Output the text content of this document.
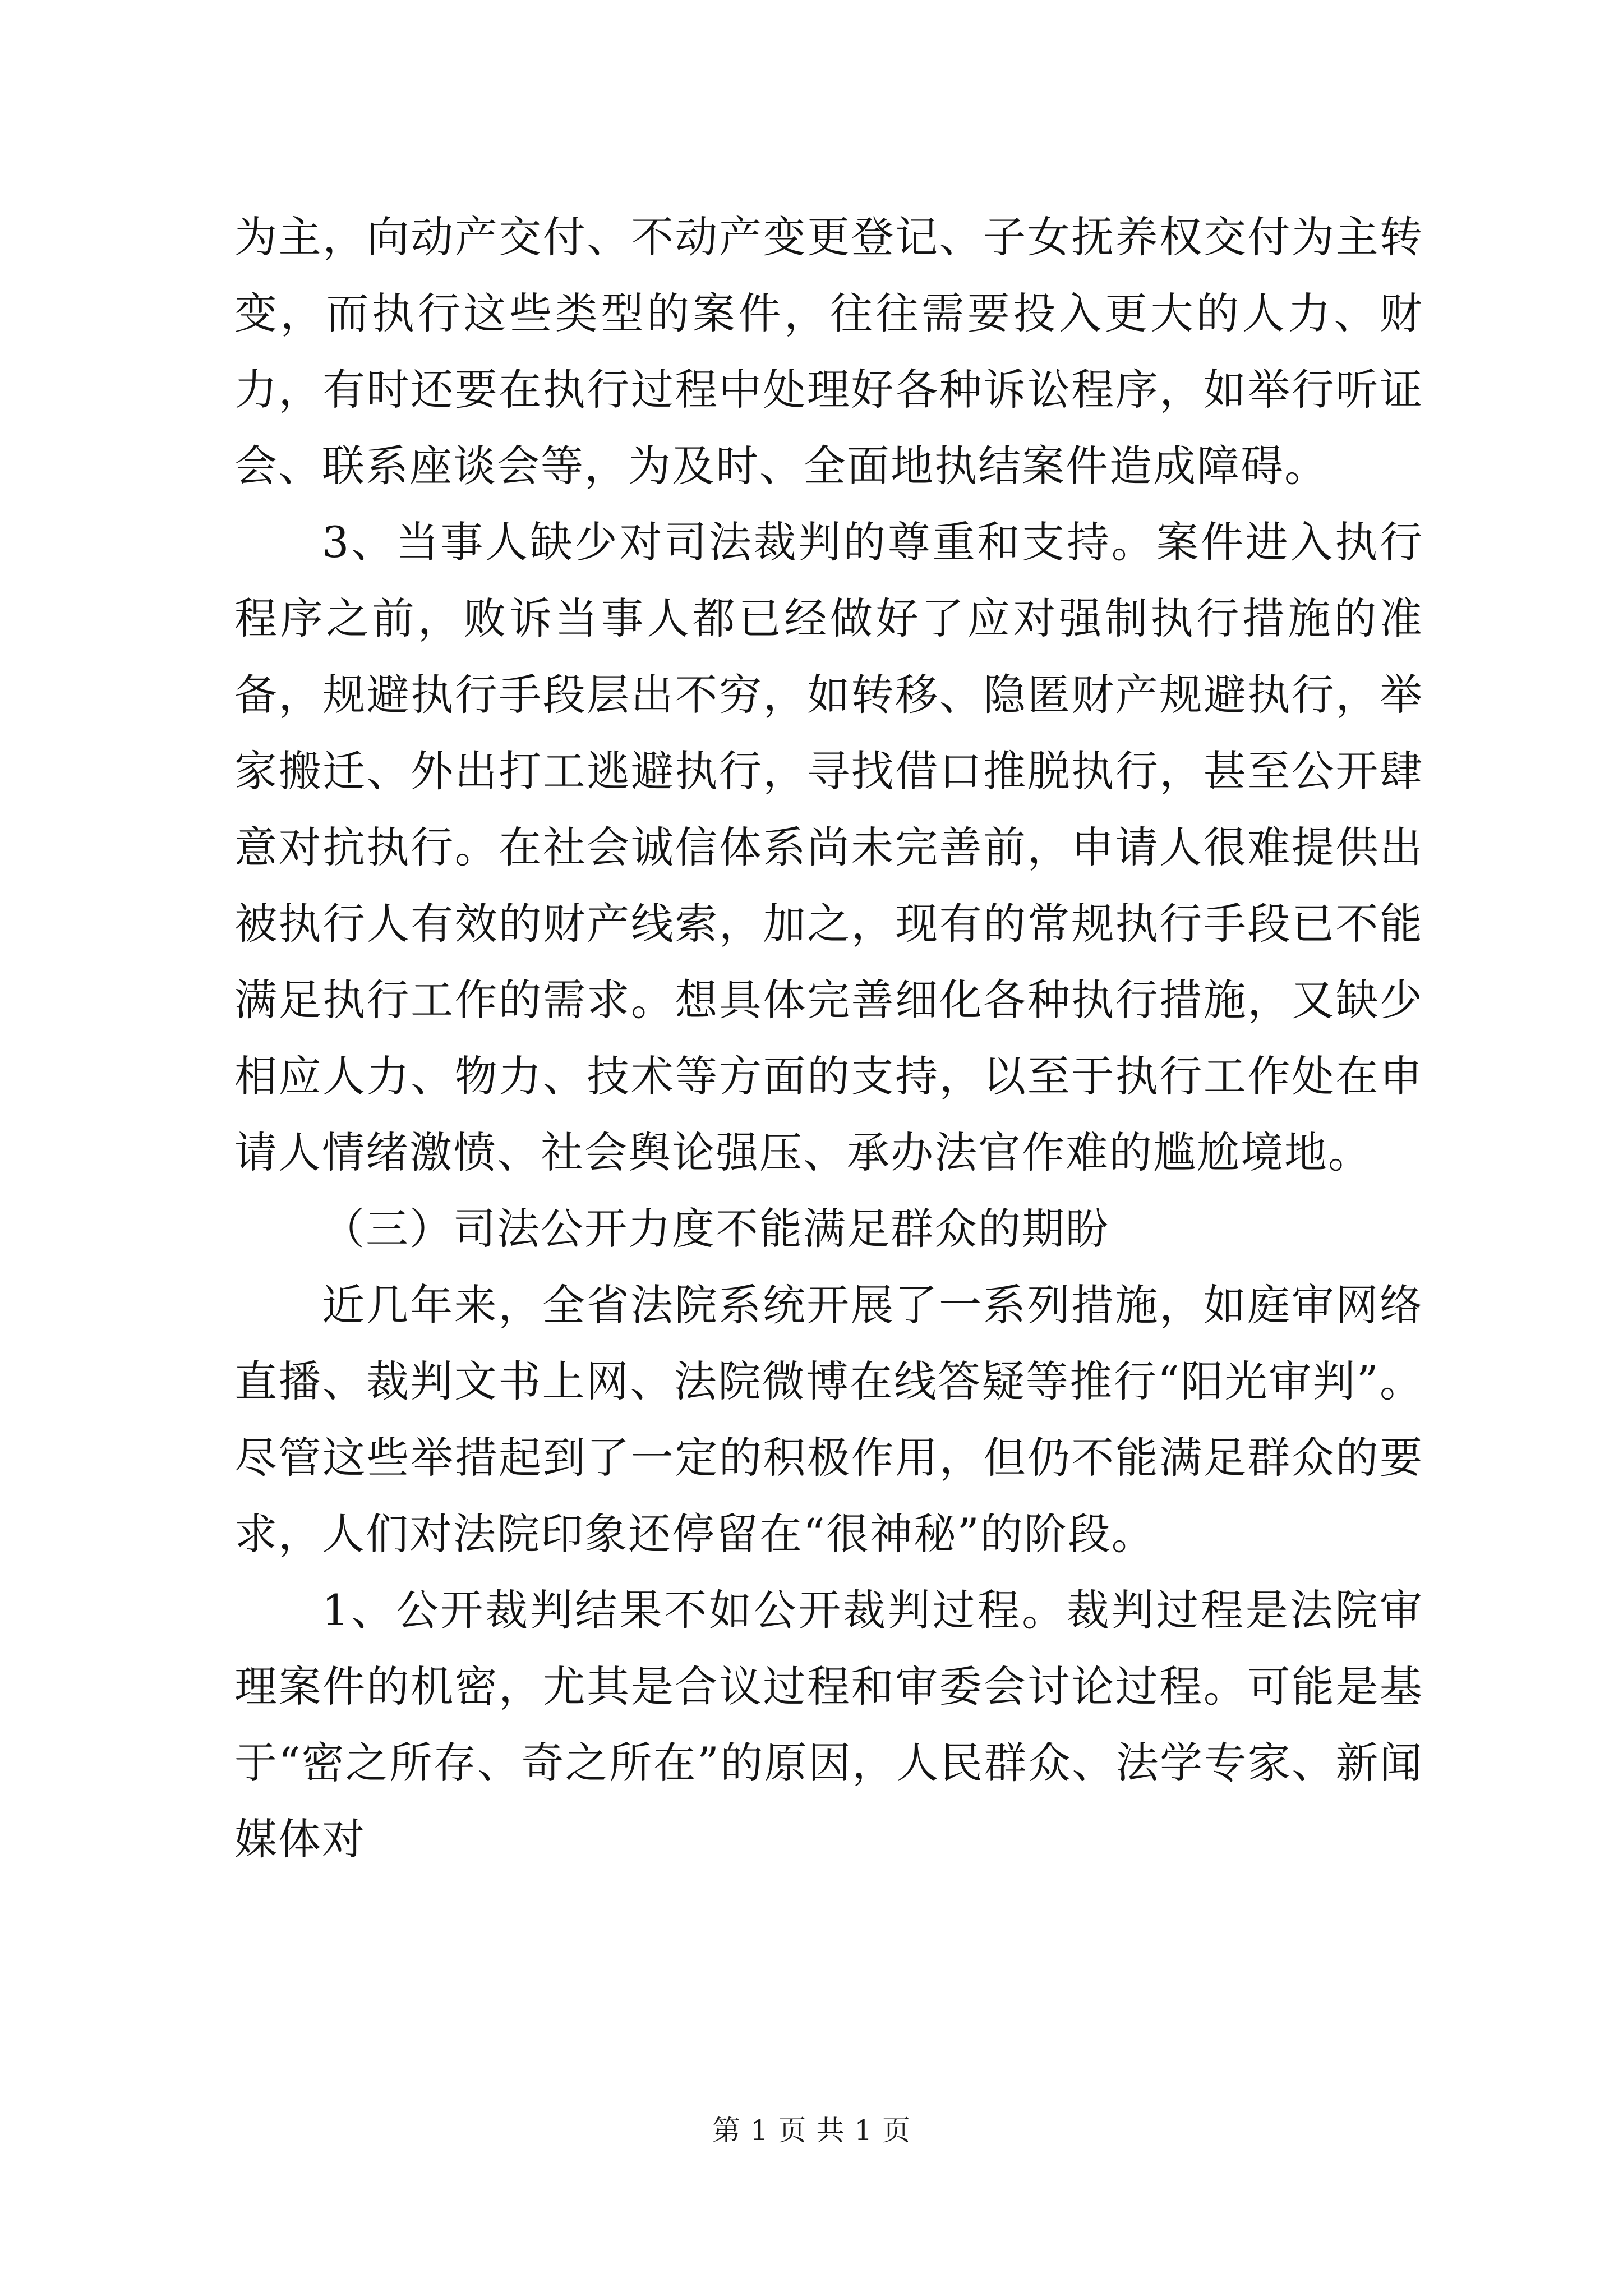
为主，向动产交付、不动产变更登记、子女抚养权交付为主转变，而执行这些类型的案件，往往需要投入更大的人力、财力，有时还要在执行过程中处理好各种诉讼程序，如举行听证会、联系座谈会等，为及时、全面地执结案件造成障碍。

3、当事人缺少对司法裁判的尊重和支持。案件进入执行程序之前，败诉当事人都已经做好了应对强制执行措施的准备，规避执行手段层出不穷，如转移、隐匿财产规避执行，举家搬迁、外出打工逃避执行，寻找借口推脱执行，甚至公开肆意对抗执行。在社会诚信体系尚未完善前，申请人很难提供出被执行人有效的财产线索，加之，现有的常规执行手段已不能满足执行工作的需求。想具体完善细化各种执行措施，又缺少相应人力、物力、技术等方面的支持，以至于执行工作处在申请人情绪激愤、社会舆论强压、承办法官作难的尴尬境地。

（三）司法公开力度不能满足群众的期盼

近几年来，全省法院系统开展了一系列措施，如庭审网络直播、裁判文书上网、法院微博在线答疑等推行“阳光审判”。尽管这些举措起到了一定的积极作用，但仍不能满足群众的要求，人们对法院印象还停留在“很神秘”的阶段。

1、公开裁判结果不如公开裁判过程。裁判过程是法院审理案件的机密，尤其是合议过程和审委会讨论过程。可能是基于“密之所存、奇之所在”的原因，人民群众、法学专家、新闻媒体对

第 1 页 共 1 页
